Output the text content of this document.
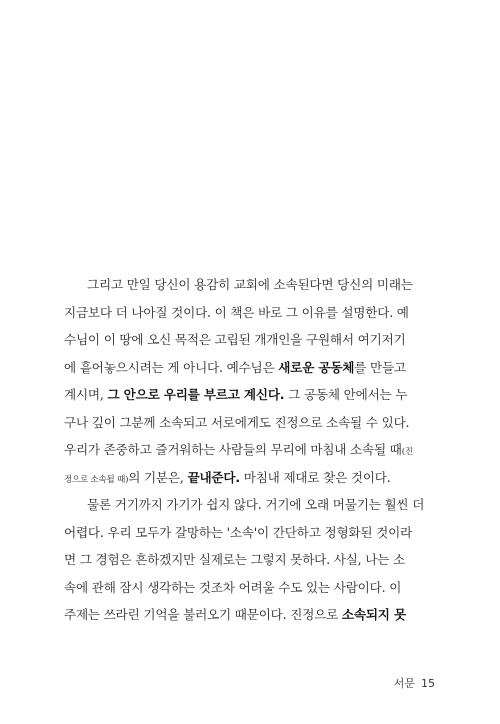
그리고 만일 당신이 용감히 교회에 소속된다면 당신의 미래는
지금보다 더 나아질 것이다. 이 책은 바로 그 이유를 설명한다. 예
수님이 이 땅에 오신 목적은 고립된 개개인을 구원해서 여기저기
에 흩어놓으시려는 게 아니다. 예수님은 새로운 공동체를 만들고
계시며, 그 안으로 우리를 부르고 계신다. 그 공동체 안에서는 누
구나 깊이 그분께 소속되고 서로에게도 진정으로 소속될 수 있다.
우리가 존중하고 즐거워하는 사람들의 무리에 마침내 소속될 때(진
정으로 소속될 때)의 기분은, 끝내준다. 마침내 제대로 찾은 것이다.
물론 거기까지 가기가 쉽지 않다. 거기에 오래 머물기는 훨씬 더
어렵다. 우리 모두가 갈망하는 '소속'이 간단하고 정형화된 것이라
면 그 경험은 흔하겠지만 실제로는 그렇지 못하다. 사실, 나는 소
속에 관해 잠시 생각하는 것조차 어려울 수도 있는 사람이다. 이
주제는 쓰라린 기억을 불러오기 때문이다. 진정으로 소속되지 못
서문 15
